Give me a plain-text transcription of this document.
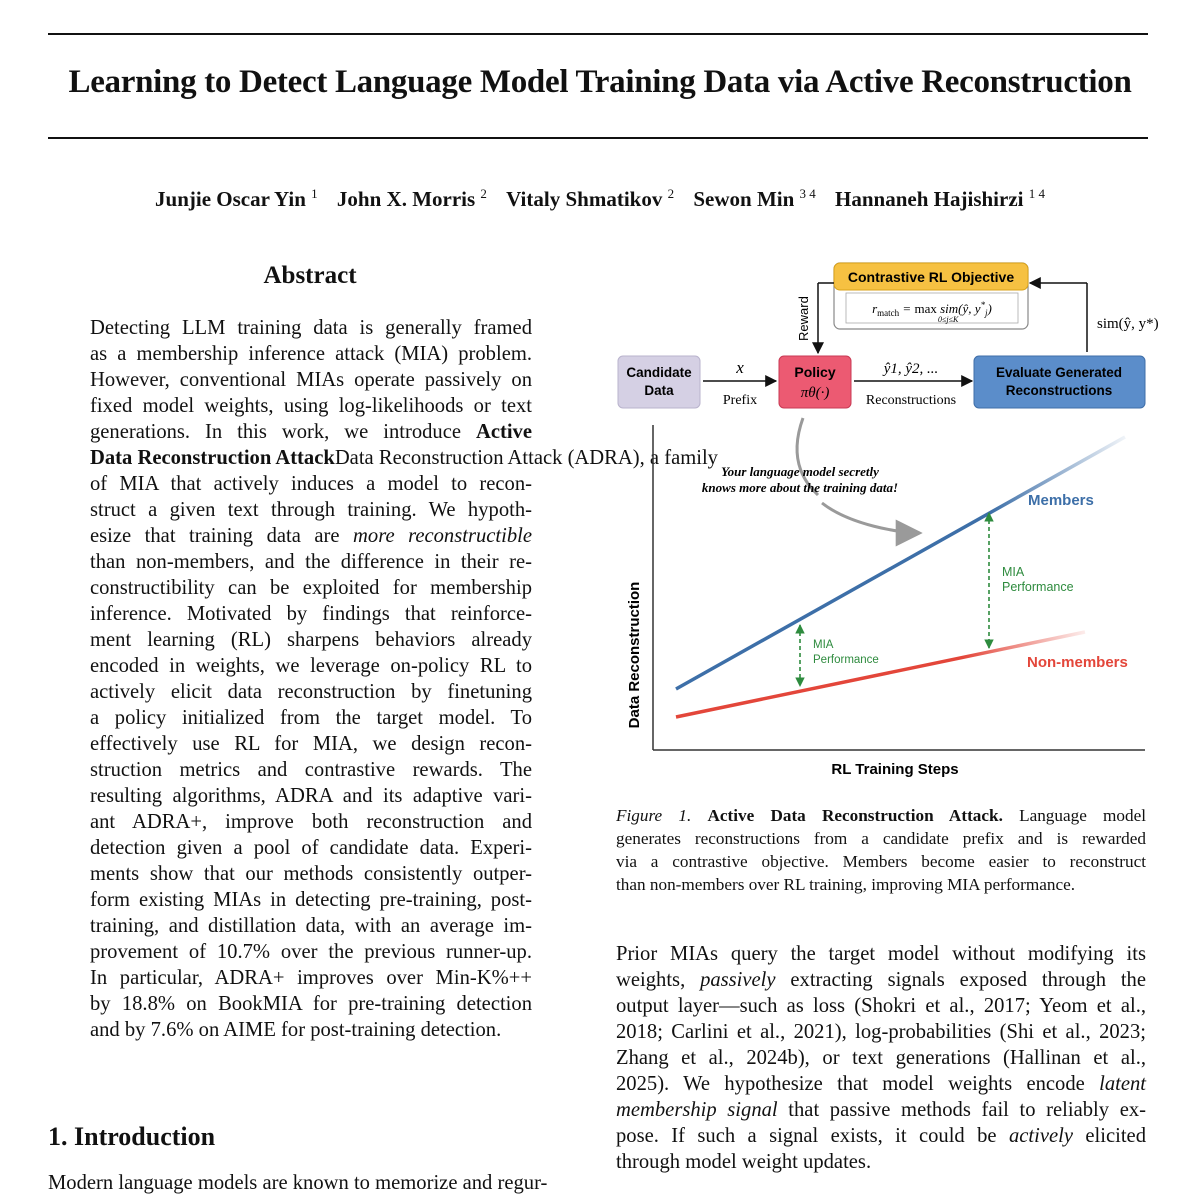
Learning to Detect Language Model Training Data via Active Reconstruction
Junjie Oscar Yin $^1$ John X. Morris $^2$ Vitaly Shmatikov $^2$ Sewon Min $^{3 4}$ Hannaneh Hajishirzi $^{1 4}$
Abstract
Detecting LLM training data is generally framed
as a membership inference attack (MIA) problem.
However, conventional MIAs operate passively on
fixed model weights, using log-likelihoods or text
generations. In this work, we introduce Active
Data Reconstruction AttackData Reconstruction Attack (ADRA), a family
of MIA that actively induces a model to recon-
struct a given text through training. We hypoth-
esize that training data are more reconstructible
than non-members, and the difference in their re-
constructibility can be exploited for membership
inference. Motivated by findings that reinforce-
ment learning (RL) sharpens behaviors already
encoded in weights, we leverage on-policy RL to
actively elicit data reconstruction by finetuning
a policy initialized from the target model. To
effectively use RL for MIA, we design recon-
struction metrics and contrastive rewards. The
resulting algorithms, ADRA and its adaptive vari-
ant ADRA+, improve both reconstruction and
detection given a pool of candidate data. Experi-
ments show that our methods consistently outper-
form existing MIAs in detecting pre-training, post-
training, and distillation data, with an average im-
provement of 10.7% over the previous runner-up.
In particular, ADRA+ improves over Min-K%++
by 18.8% on BookMIA for pre-training detection
and by 7.6% on AIME for post-training detection.
1. Introduction
Modern language models are known to memorize and regur-
Contrastive RL Objective
$r_{match} = \max$ sim(ŷ, $y^*_j$)
0≤j≤K
Reward	sim(ŷ, y*)
Candidate
Data
x
Prefix
Policy
πθ(·)
ŷ1, ŷ2, ...
Reconstructions
Evaluate Generated
Reconstructions
Data Reconstruction
RL Training Steps
Members
Non-members
Your language model secretly
knows more about the training data!
MIA
Performance
MIA
Performance
Figure 1. Active Data Reconstruction Attack. Language model
generates reconstructions from a candidate prefix and is rewarded
via a contrastive objective. Members become easier to reconstruct
than non-members over RL training, improving MIA performance.
Prior MIAs query the target model without modifying its
weights, passively extracting signals exposed through the
output layer—such as loss (Shokri et al., 2017; Yeom et al.,
2018; Carlini et al., 2021), log-probabilities (Shi et al., 2023;
Zhang et al., 2024b), or text generations (Hallinan et al.,
2025). We hypothesize that model weights encode latent
membership signal that passive methods fail to reliably ex-
pose. If such a signal exists, it could be actively elicited
through model weight updates.
